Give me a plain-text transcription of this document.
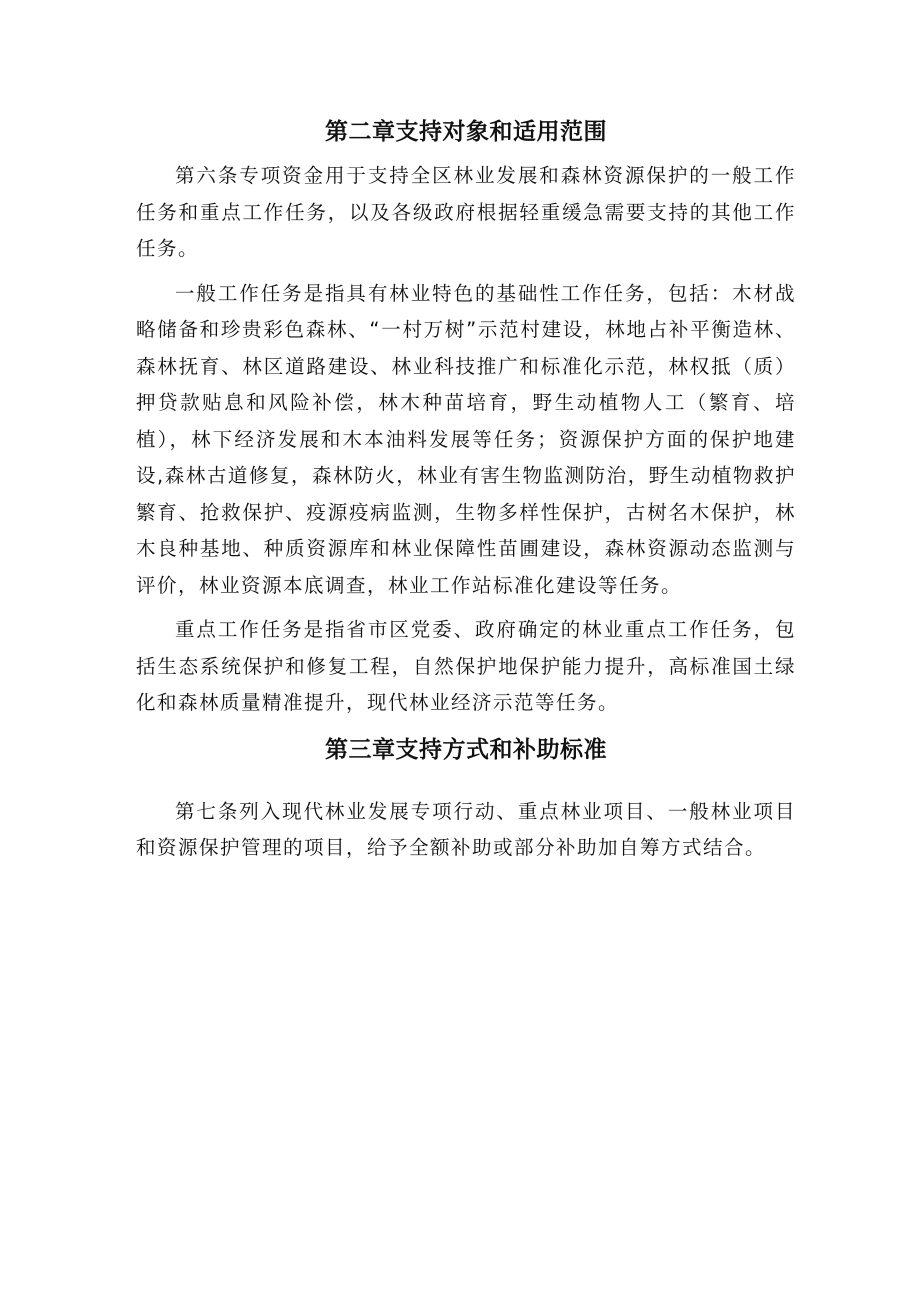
第二章支持对象和适用范围

第六条专项资金用于支持全区林业发展和森林资源保护的一般工作任务和重点工作任务，以及各级政府根据轻重缓急需要支持的其他工作任务。

一般工作任务是指具有林业特色的基础性工作任务，包括：木材战略储备和珍贵彩色森林、“一村万树”示范村建设，林地占补平衡造林、森林抚育、林区道路建设、林业科技推广和标准化示范，林权抵（质）押贷款贴息和风险补偿，林木种苗培育，野生动植物人工（繁育、培植），林下经济发展和木本油料发展等任务；资源保护方面的保护地建设,森林古道修复，森林防火，林业有害生物监测防治，野生动植物救护繁育、抢救保护、疫源疫病监测，生物多样性保护，古树名木保护，林木良种基地、种质资源库和林业保障性苗圃建设，森林资源动态监测与评价，林业资源本底调查，林业工作站标准化建设等任务。

重点工作任务是指省市区党委、政府确定的林业重点工作任务，包括生态系统保护和修复工程，自然保护地保护能力提升，高标准国土绿化和森林质量精准提升，现代林业经济示范等任务。

第三章支持方式和补助标准

第七条列入现代林业发展专项行动、重点林业项目、一般林业项目和资源保护管理的项目，给予全额补助或部分补助加自筹方式结合。
